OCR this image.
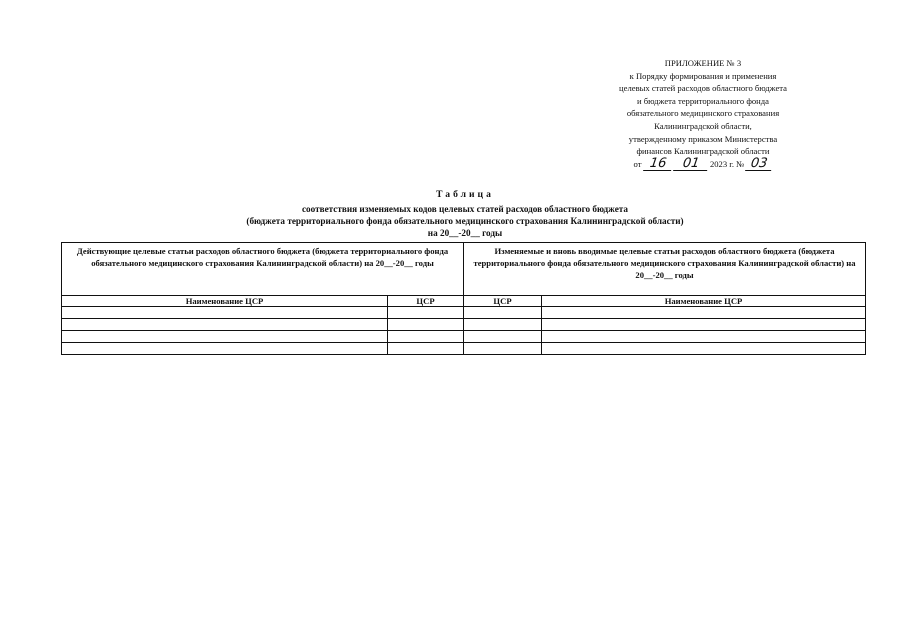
ПРИЛОЖЕНИЕ № 3
к Порядку формирования и применения
целевых статей расходов областного бюджета
и бюджета территориального фонда
обязательного медицинского страхования
Калининградской области,
утвержденному приказом Министерства
финансов Калининградской области
от 16 01 2023 г. № 03
Таблица
соответствия изменяемых кодов целевых статей расходов областного бюджета
(бюджета территориального фонда обязательного медицинского страхования Калининградской области)
на 20__-20__ годы
Действующие целевые статьи расходов областного бюджета (бюджета территориального фонда обязательного медицинского страхования Калининградской области) на 20__-20__ годы		Изменяемые и вновь вводимые целевые статьи расходов областного бюджета (бюджета территориального фонда обязательного медицинского страхования Калининградской области) на 20__-20__ годы	
Наименование ЦСР	ЦСР	ЦСР	Наименование ЦСР
